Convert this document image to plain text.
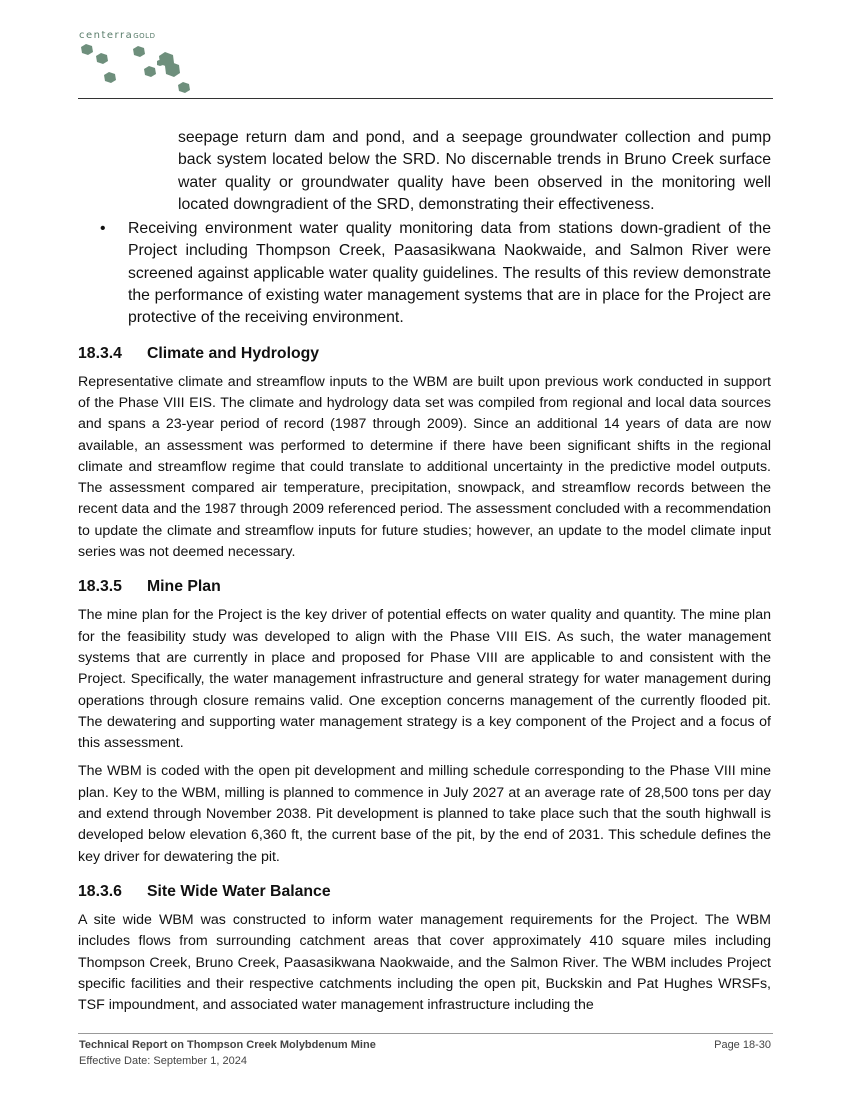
centerraGOLD

seepage return dam and pond, and a seepage groundwater collection and pump back system located below the SRD. No discernable trends in Bruno Creek surface water quality or groundwater quality have been observed in the monitoring well located downgradient of the SRD, demonstrating their effectiveness.

• Receiving environment water quality monitoring data from stations down-gradient of the Project including Thompson Creek, Paasasikwana Naokwaide, and Salmon River were screened against applicable water quality guidelines. The results of this review demonstrate the performance of existing water management systems that are in place for the Project are protective of the receiving environment.
18.3.4 Climate and Hydrology

Representative climate and streamflow inputs to the WBM are built upon previous work conducted in support of the Phase VIII EIS. The climate and hydrology data set was compiled from regional and local data sources and spans a 23-year period of record (1987 through 2009). Since an additional 14 years of data are now available, an assessment was performed to determine if there have been significant shifts in the regional climate and streamflow regime that could translate to additional uncertainty in the predictive model outputs. The assessment compared air temperature, precipitation, snowpack, and streamflow records between the recent data and the 1987 through 2009 referenced period. The assessment concluded with a recommendation to update the climate and streamflow inputs for future studies; however, an update to the model climate input series was not deemed necessary.

18.3.5 Mine Plan

The mine plan for the Project is the key driver of potential effects on water quality and quantity. The mine plan for the feasibility study was developed to align with the Phase VIII EIS. As such, the water management systems that are currently in place and proposed for Phase VIII are applicable to and consistent with the Project. Specifically, the water management infrastructure and general strategy for water management during operations through closure remains valid. One exception concerns management of the currently flooded pit. The dewatering and supporting water management strategy is a key component of the Project and a focus of this assessment.

The WBM is coded with the open pit development and milling schedule corresponding to the Phase VIII mine plan. Key to the WBM, milling is planned to commence in July 2027 at an average rate of 28,500 tons per day and extend through November 2038. Pit development is planned to take place such that the south highwall is developed below elevation 6,360 ft, the current base of the pit, by the end of 2031. This schedule defines the key driver for dewatering the pit.

18.3.6 Site Wide Water Balance

A site wide WBM was constructed to inform water management requirements for the Project. The WBM includes flows from surrounding catchment areas that cover approximately 410 square miles including Thompson Creek, Bruno Creek, Paasasikwana Naokwaide, and the Salmon River. The WBM includes Project specific facilities and their respective catchments including the open pit, Buckskin and Pat Hughes WRSFs, TSF impoundment, and associated water management infrastructure including the

Technical Report on Thompson Creek Molybdenum Mine
Effective Date: September 1, 2024
Page 18-30
